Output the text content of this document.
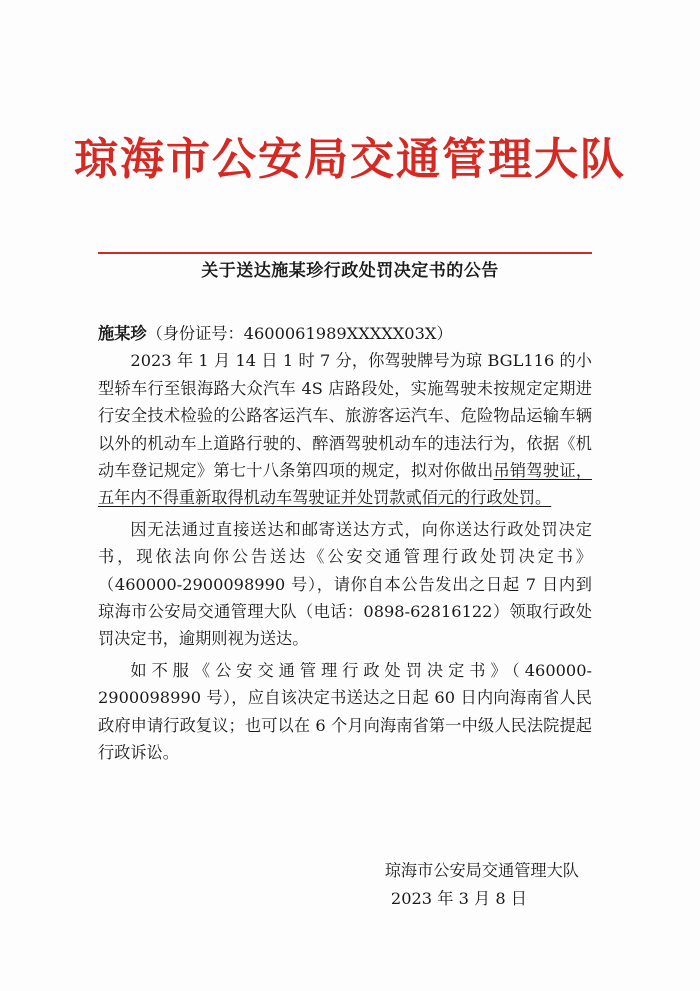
琼海市公安局交通管理大队
关于送达施某珍行政处罚决定书的公告

施某珍（身份证号：4600061989XXXXX03X）

2023 年 1 月 14 日 1 时 7 分，你驾驶牌号为琼 BGL116 的小型轿车行至银海路大众汽车 4S 店路段处，实施驾驶未按规定定期进行安全技术检验的公路客运汽车、旅游客运汽车、危险物品运输车辆以外的机动车上道路行驶的、醉酒驾驶机动车的违法行为，依据《机动车登记规定》第七十八条第四项的规定，拟对你做出吊销驾驶证，五年内不得重新取得机动车驾驶证并处罚款贰佰元的行政处罚。

因无法通过直接送达和邮寄送达方式，向你送达行政处罚决定书，现依法向你公告送达《公安交通管理行政处罚决定书》（460000-2900098990 号），请你自本公告发出之日起 7 日内到琼海市公安局交通管理大队（电话：0898-62816122）领取行政处罚决定书，逾期则视为送达。

如不服《公安交通管理行政处罚决定书》（460000-2900098990 号），应自该决定书送达之日起 60 日内向海南省人民政府申请行政复议；也可以在 6 个月向海南省第一中级人民法院提起行政诉讼。

琼海市公安局交通管理大队
2023 年 3 月 8 日
